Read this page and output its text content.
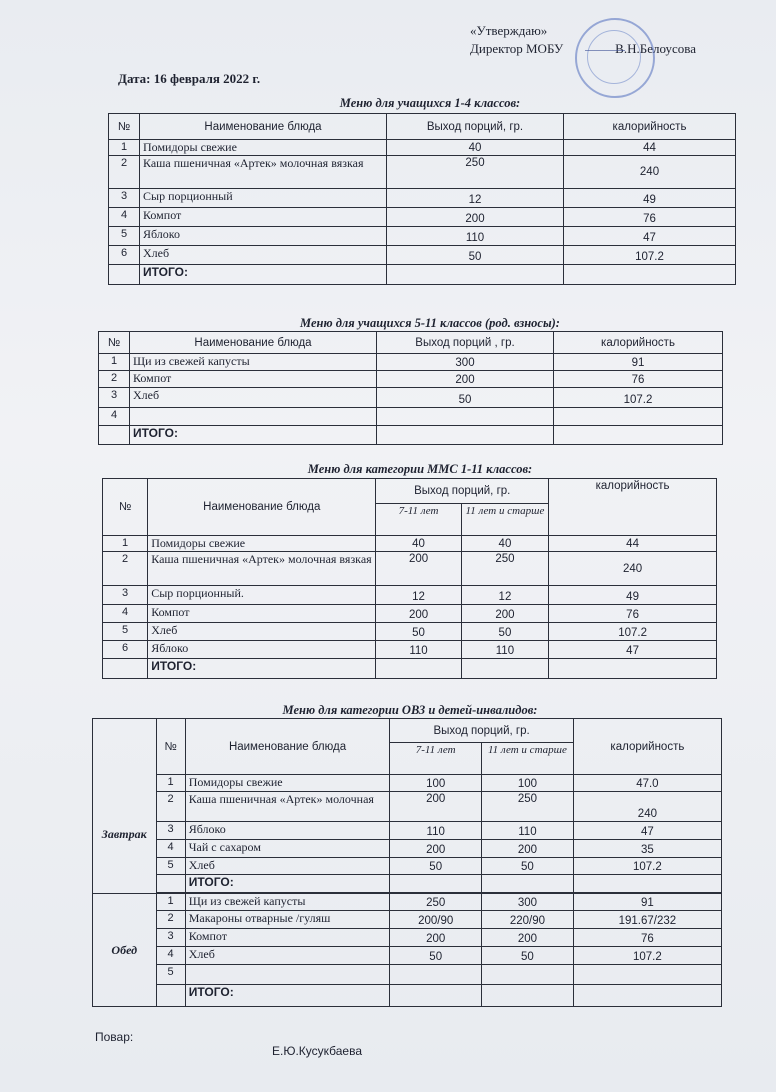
«Утверждаю»
Директор МОБУ	В.Н.Белоусова
Дата: 16 февраля 2022 г.
Меню для учащихся 1-4 классов:
№	Наименование блюда	Выход порций, гр.	калорийность
1	Помидоры свежие	40	44
2	Каша пшеничная «Артек» молочная вязкая	250	240
3	Сыр порционный	12	49
4	Компот	200	76
5	Яблоко	110	47
6	Хлеб	50	107.2
	ИТОГО:		
Меню для учащихся 5-11 классов (род. взносы):
№	Наименование блюда	Выход порций , гр.	калорийность
1	Щи из свежей капусты	300	91
2	Компот	200	76
3	Хлеб	50	107.2
4			
	ИТОГО:		
Меню для категории ММС 1-11 классов:
№	Наименование блюда	Выход порций, гр.		калорийность
		7-11 лет	11 лет и старше	
1	Помидоры свежие	40	40	44
2	Каша пшеничная «Артек» молочная вязкая	200	250	240
3	Сыр порционный.	12	12	49
4	Компот	200	200	76
5	Хлеб	50	50	107.2
6	Яблоко	110	110	47
	ИТОГО:			
Меню для категории ОВЗ и детей-инвалидов:
	№	Наименование блюда	Выход порций, гр.		калорийность
			7-11 лет	11 лет и старше	
Завтрак	1	Помидоры свежие	100	100	47.0
	2	Каша пшеничная «Артек» молочная	200	250	240
	3	Яблоко	110	110	47
	4	Чай с сахаром	200	200	35
	5	Хлеб	50	50	107.2
		ИТОГО:			

Обед	1	Щи из свежей капусты	250	300	91
	2	Макароны отварные /гуляш	200/90	220/90	191.67/232
	3	Компот	200	200	76
	4	Хлеб	50	50	107.2
	5				
		ИТОГО:			
Повар:
Е.Ю.Кусукбаева
